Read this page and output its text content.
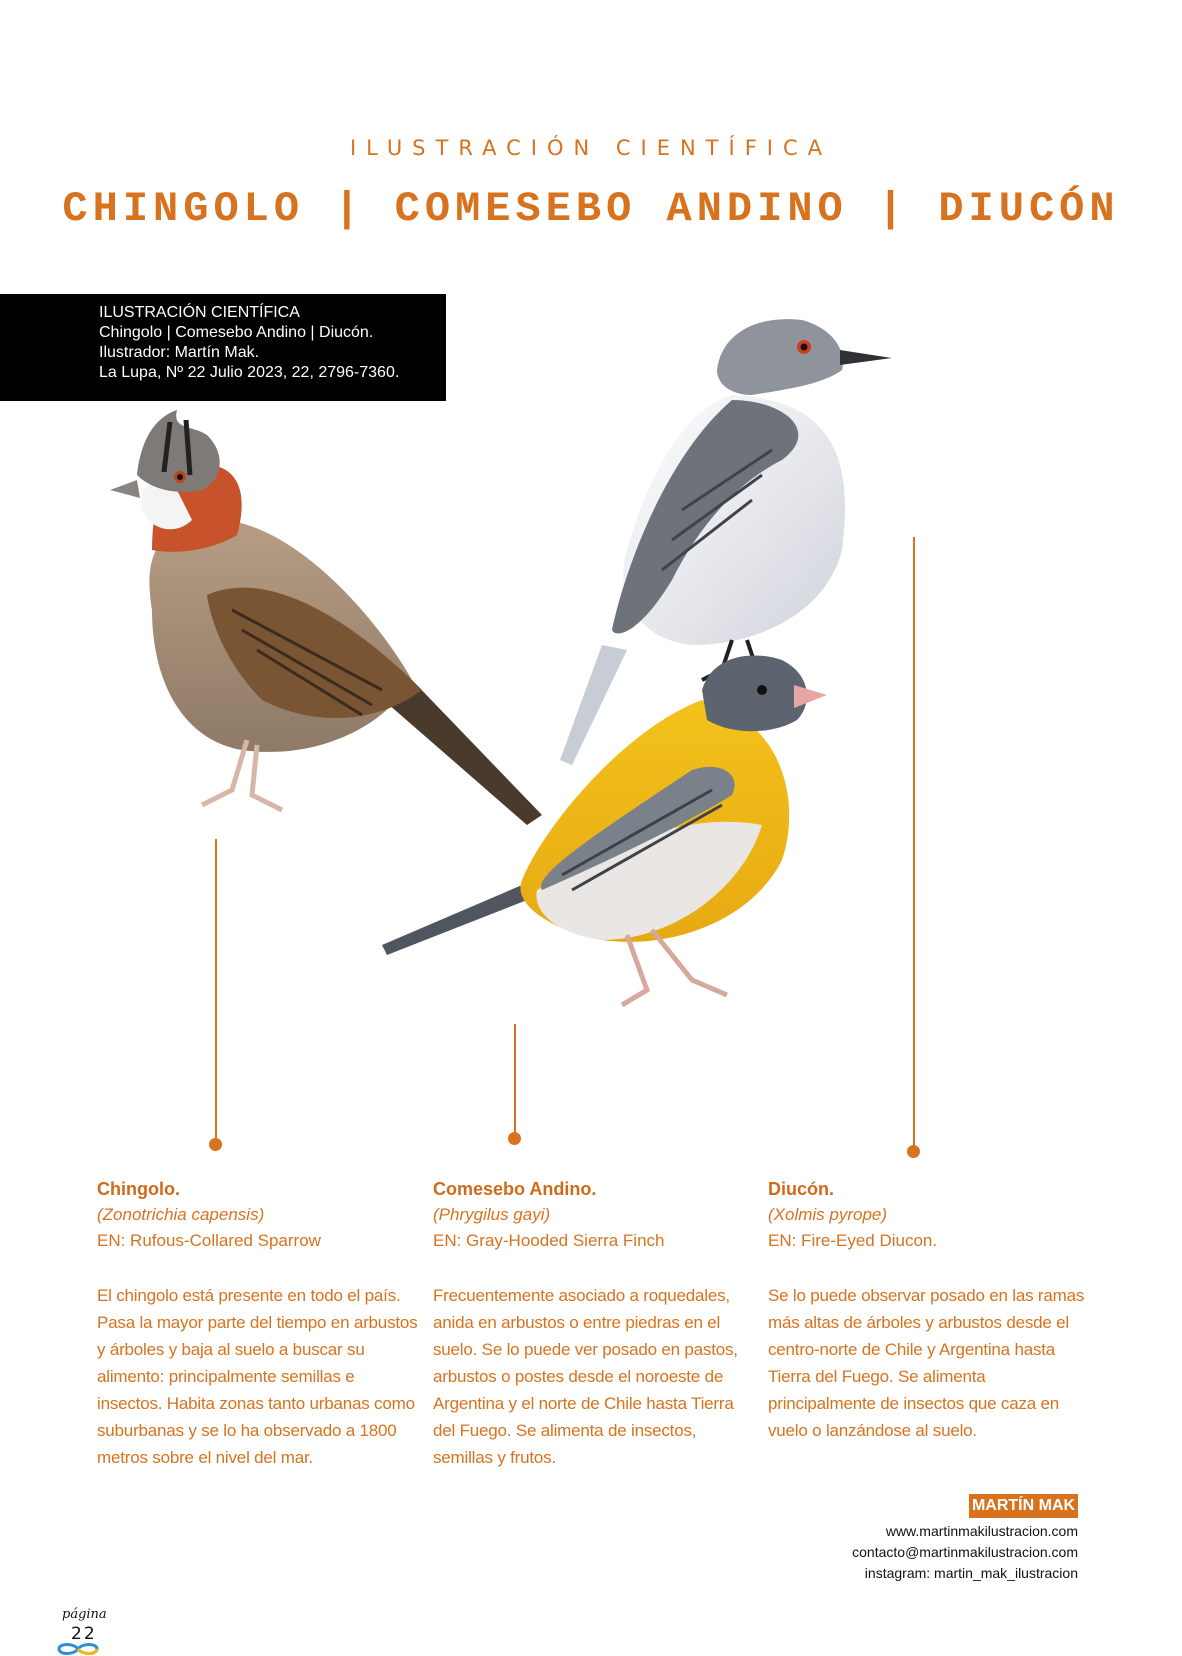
ILUSTRACIÓN CIENTÍFICA
CHINGOLO | COMESEBO ANDINO | DIUCÓN
ILUSTRACIÓN CIENTÍFICA
Chingolo | Comesebo Andino | Diucón.
Ilustrador: Martín Mak.
La Lupa, Nº 22 Julio 2023, 22, 2796-7360.
Chingolo.
(Zonotrichia capensis)
EN: Rufous-Collared Sparrow
El chingolo está presente en todo el país. Pasa la mayor parte del tiempo en arbustos y árboles y baja al suelo a buscar su alimento: principalmente semillas e insectos. Habita zonas tanto urbanas como suburbanas y se lo ha observado a 1800 metros sobre el nivel del mar.
Comesebo Andino.
(Phrygilus gayi)
EN: Gray-Hooded Sierra Finch
Frecuentemente asociado a roquedales, anida en arbustos o entre piedras en el suelo. Se lo puede ver posado en pastos, arbustos o postes desde el noroeste de Argentina y el norte de Chile hasta Tierra del Fuego. Se alimenta de insectos, semillas y frutos.
Diucón.
(Xolmis pyrope)
EN: Fire-Eyed Diucon.
Se lo puede observar posado en las ramas más altas de árboles y arbustos desde el centro-norte de Chile y Argentina hasta Tierra del Fuego. Se alimenta principalmente de insectos que caza en vuelo o lanzándose al suelo.
MARTÍN MAK
www.martinmakilustracion.com
contacto@martinmakilustracion.com
instagram: martin_mak_ilustracion
página
22
